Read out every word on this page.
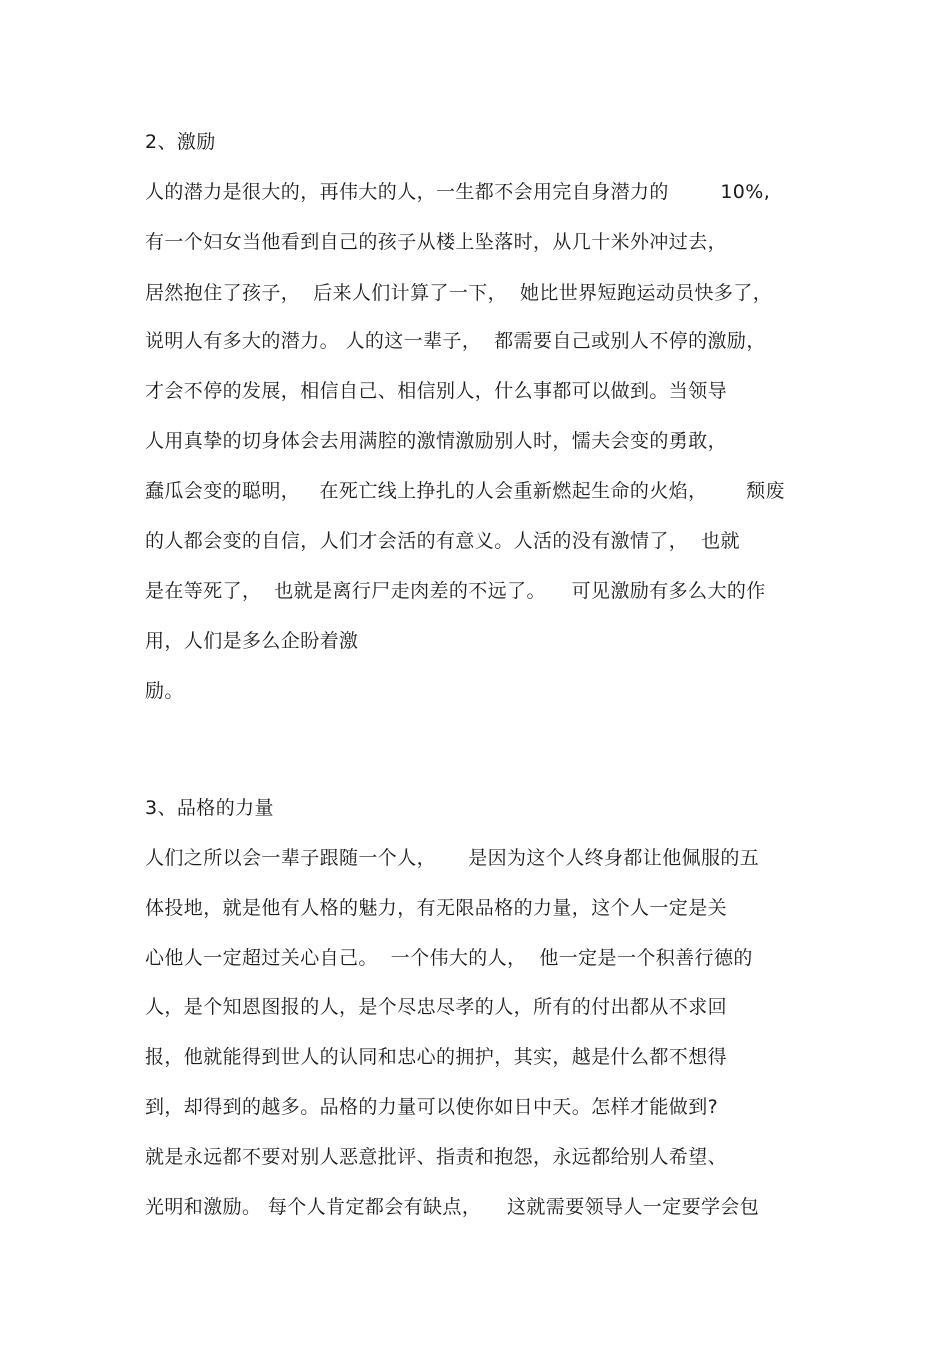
2、激励
人的潜力是很大的，再伟大的人，一生都不会用完自身潜力的        10%,
有一个妇女当他看到自己的孩子从楼上坠落时，从几十米外冲过去，
居然抱住了孩子，  后来人们计算了一下，  她比世界短跑运动员快多了，
说明人有多大的潜力。 人的这一辈子，  都需要自己或别人不停的激励，
才会不停的发展，相信自己、相信别人，什么事都可以做到。当领导
人用真挚的切身体会去用满腔的激情激励别人时，懦夫会变的勇敢，
蠢瓜会变的聪明，   在死亡线上挣扎的人会重新燃起生命的火焰，      颓废
的人都会变的自信，人们才会活的有意义。人活的没有激情了，  也就
是在等死了，  也就是离行尸走肉差的不远了。    可见激励有多么大的作
用，人们是多么企盼着激
励。
3、品格的力量
人们之所以会一辈子跟随一个人，     是因为这个人终身都让他佩服的五
体投地，就是他有人格的魅力，有无限品格的力量，这个人一定是关
心他人一定超过关心自己。  一个伟大的人，  他一定是一个积善行德的
人，是个知恩图报的人，是个尽忠尽孝的人，所有的付出都从不求回
报，他就能得到世人的认同和忠心的拥护，其实，越是什么都不想得
到，却得到的越多。品格的力量可以使你如日中天。怎样才能做到?
就是永远都不要对别人恶意批评、指责和抱怨，永远都给别人希望、
光明和激励。 每个人肯定都会有缺点，    这就需要领导人一定要学会包
